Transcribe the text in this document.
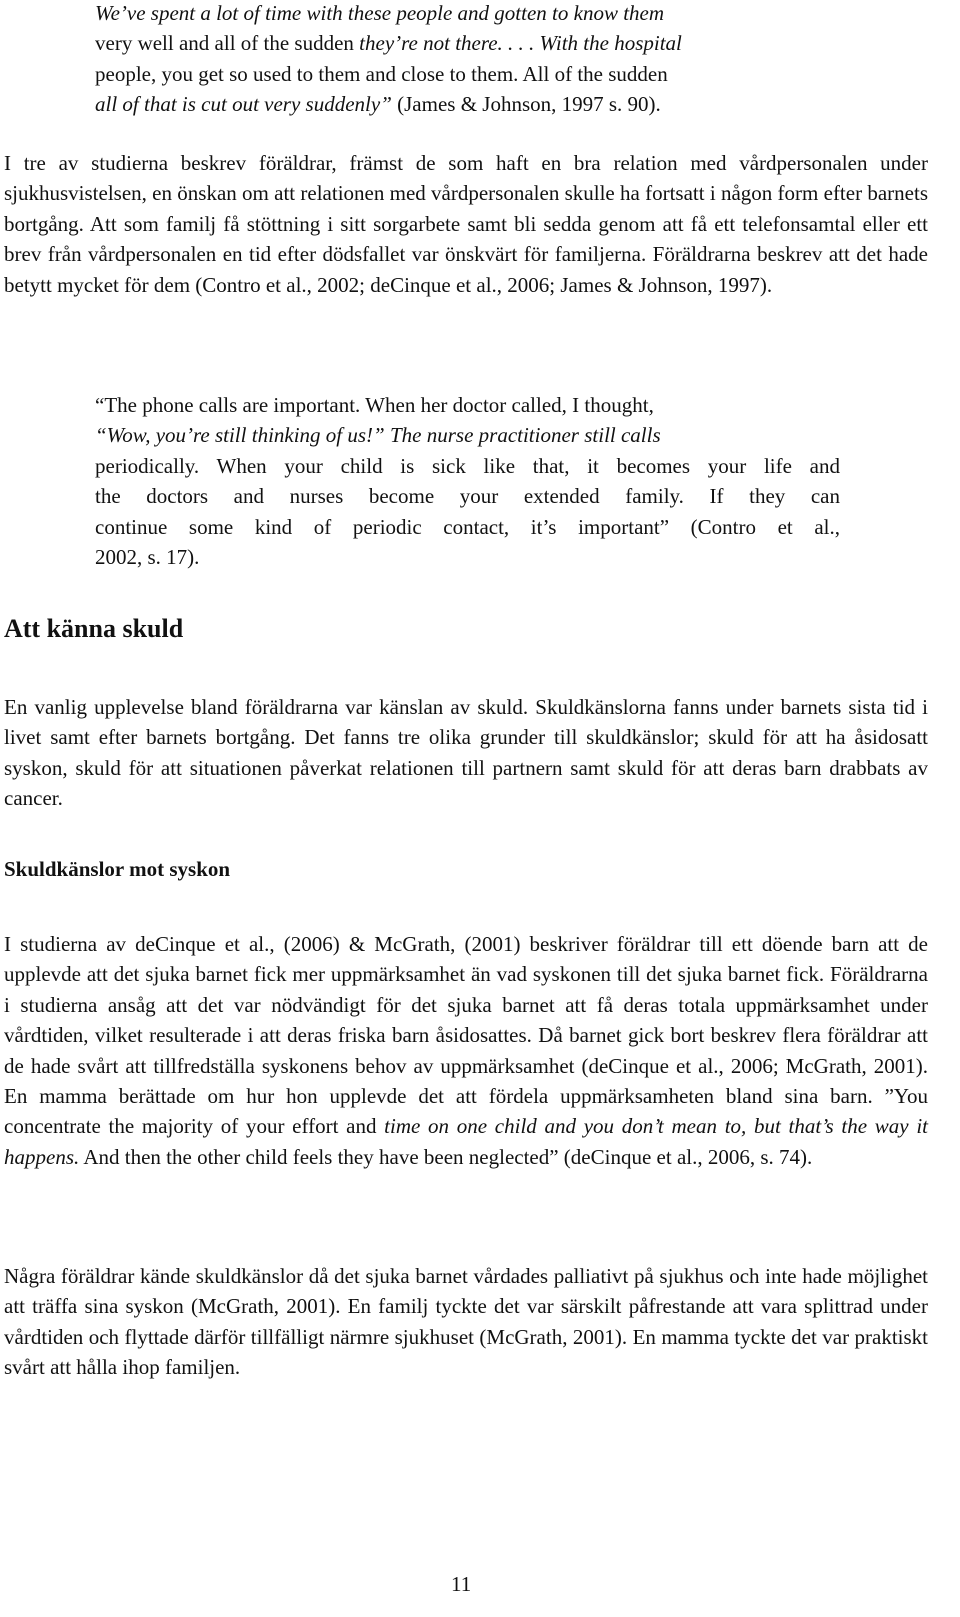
We’ve spent a lot of time with these people and gotten to know them
very well and all of the sudden they’re not there. . . . With the hospital
people, you get so used to them and close to them. All of the sudden
all of that is cut out very suddenly” (James & Johnson, 1997 s. 90).

I tre av studierna beskrev föräldrar, främst de som haft en bra relation med vårdpersonalen under sjukhusvistelsen, en önskan om att relationen med vårdpersonalen skulle ha fortsatt i någon form efter barnets bortgång. Att som familj få stöttning i sitt sorgarbete samt bli sedda genom att få ett telefonsamtal eller ett brev från vårdpersonalen en tid efter dödsfallet var önskvärt för familjerna. Föräldrarna beskrev att det hade betytt mycket för dem (Contro et al., 2002; deCinque et al., 2006; James & Johnson, 1997).

“The phone calls are important. When her doctor called, I thought,
“Wow, you’re still thinking of us!” The nurse practitioner still calls
periodically. When your child is sick like that, it becomes your life and
the doctors and nurses become your extended family. If they can
continue some kind of periodic contact, it’s important” (Contro et al.,
2002, s. 17).
Att känna skuld

En vanlig upplevelse bland föräldrarna var känslan av skuld. Skuldkänslorna fanns under barnets sista tid i livet samt efter barnets bortgång. Det fanns tre olika grunder till skuldkänslor; skuld för att ha åsidosatt syskon, skuld för att situationen påverkat relationen till partnern samt skuld för att deras barn drabbats av cancer.

Skuldkänslor mot syskon

I studierna av deCinque et al., (2006) & McGrath, (2001) beskriver föräldrar till ett döende barn att de upplevde att det sjuka barnet fick mer uppmärksamhet än vad syskonen till det sjuka barnet fick. Föräldrarna i studierna ansåg att det var nödvändigt för det sjuka barnet att få deras totala uppmärksamhet under vårdtiden, vilket resulterade i att deras friska barn åsidosattes. Då barnet gick bort beskrev flera föräldrar att de hade svårt att tillfredställa syskonens behov av uppmärksamhet (deCinque et al., 2006; McGrath, 2001). En mamma berättade om hur hon upplevde det att fördela uppmärksamheten bland sina barn. ”You concentrate the majority of your effort and time on one child and you don’t mean to, but that’s the way it happens. And then the other child feels they have been neglected” (deCinque et al., 2006, s. 74).

Några föräldrar kände skuldkänslor då det sjuka barnet vårdades palliativt på sjukhus och inte hade möjlighet att träffa sina syskon (McGrath, 2001). En familj tyckte det var särskilt påfrestande att vara splittrad under vårdtiden och flyttade därför tillfälligt närmre sjukhuset (McGrath, 2001). En mamma tyckte det var praktiskt svårt att hålla ihop familjen.

11
